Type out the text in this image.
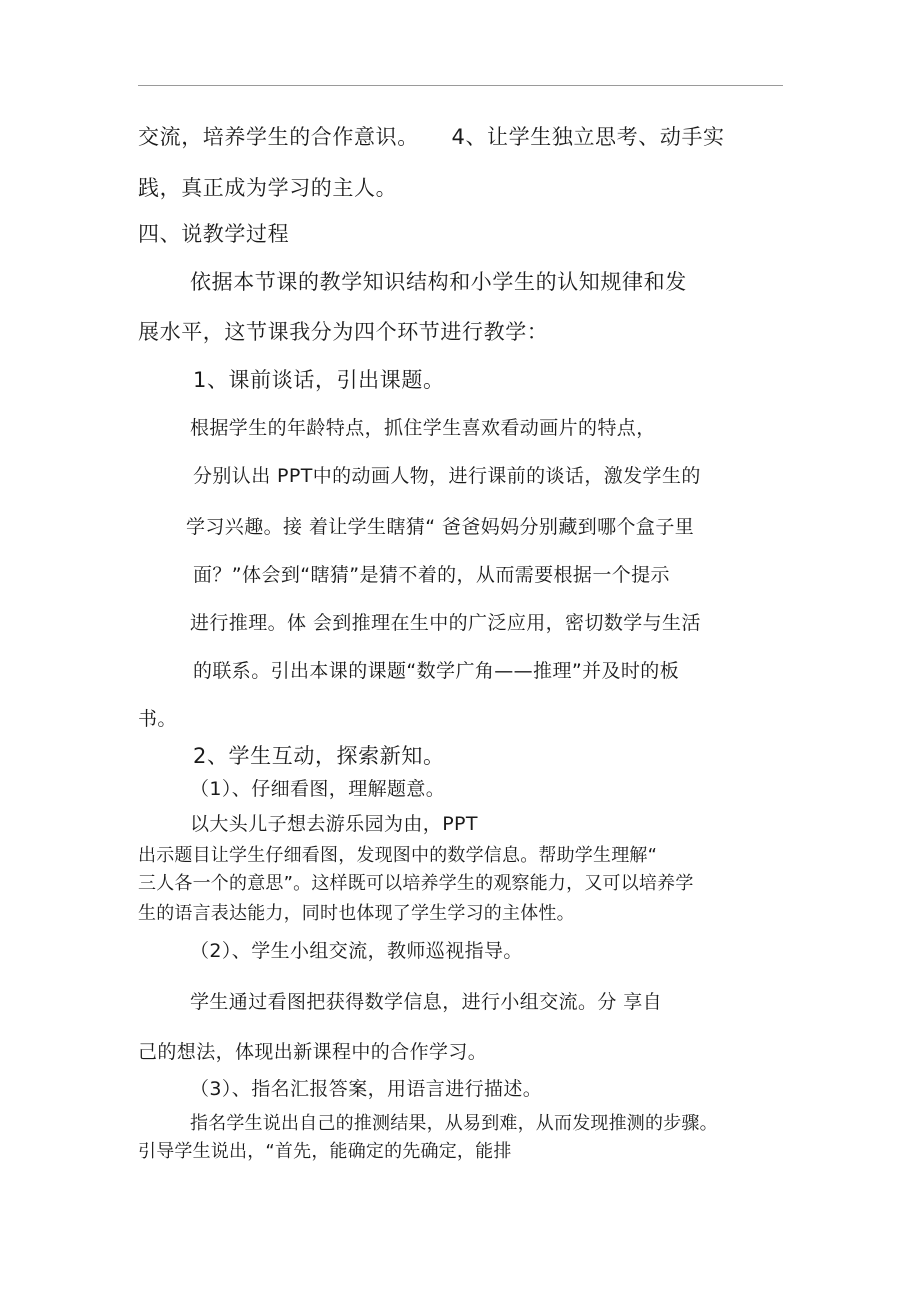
交流，培养学生的合作意识。　　4、让学生独立思考、动手实
践，真正成为学习的主人。
四、说教学过程
依据本节课的教学知识结构和小学生的认知规律和发
展水平，这节课我分为四个环节进行教学：
1、课前谈话，引出课题。
根据学生的年龄特点，抓住学生喜欢看动画片的特点，
分别认出 PPT中的动画人物，进行课前的谈话，激发学生的
学习兴趣。接 着让学生瞎猜“ 爸爸妈妈分别藏到哪个盒子里
面？”体会到“瞎猜”是猜不着的，从而需要根据一个提示
进行推理。体 会到推理在生中的广泛应用，密切数学与生活
的联系。引出本课的课题“数学广角——推理”并及时的板
书。
2、学生互动，探索新知。
（1）、仔细看图，理解题意。
以大头儿子想去游乐园为由，PPT
出示题目让学生仔细看图，发现图中的数学信息。帮助学生理解“
三人各一个的意思”。这样既可以培养学生的观察能力，又可以培养学
生的语言表达能力，同时也体现了学生学习的主体性。
（2）、学生小组交流，教师巡视指导。
学生通过看图把获得数学信息，进行小组交流。分 享自
己的想法，体现出新课程中的合作学习。
（3）、指名汇报答案，用语言进行描述。
指名学生说出自己的推测结果，从易到难，从而发现推测的步骤。
引导学生说出，“首先，能确定的先确定，能排
